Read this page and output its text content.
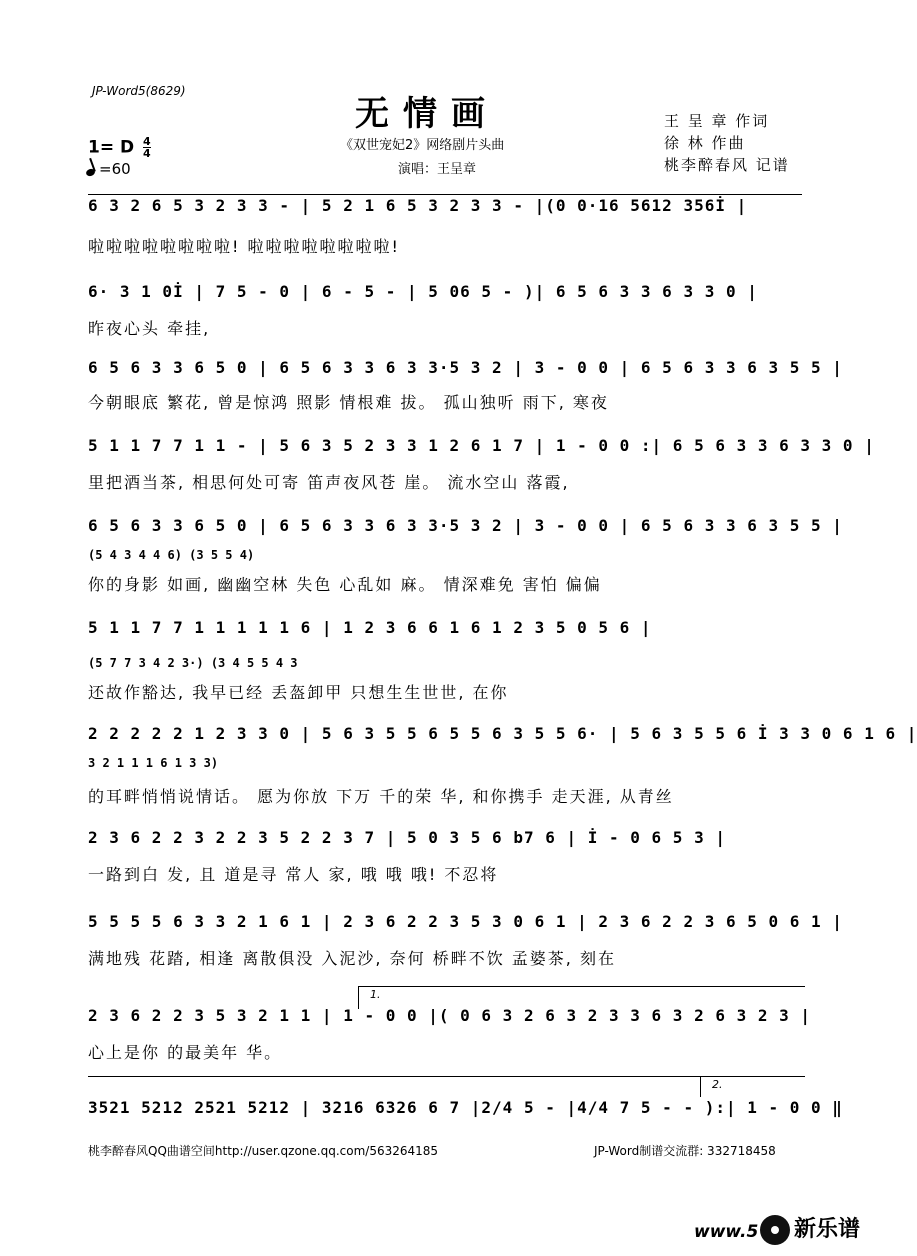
JP-Word5(8629)
无情画
《双世宠妃2》网络剧片头曲
演唱：王呈章
王 呈 章 作词
徐 林 作曲
桃李醉春风 记谱
1= D $\frac{4}{4}$
=60
6 3 2 6 5 3 2 3 3 - | 5 2 1 6 5 3 2 3 3 - |(0 0·16 5612 356İ |
啦啦啦啦啦啦啦啦! 啦啦啦啦啦啦啦啦!
6· 3 1 0İ | 7 5 - 0 | 6 - 5 - | 5 06 5 - )| 6 5 6 3 3 6 3 3 0 |
昨夜心头 牵挂,
6 5 6 3 3 6 5 0 | 6 5 6 3 3 6 3 3·5 3 2 | 3 - 0 0 | 6 5 6 3 3 6 3 5 5 |
今朝眼底 繁花, 曾是惊鸿 照影 情根难 拔。 孤山独听 雨下, 寒夜
5 1 1 7 7 1 1 - | 5 6 3 5 2 3 3 1 2 6 1 7 | 1 - 0 0 :| 6 5 6 3 3 6 3 3 0 |
里把酒当茶, 相思何处可寄 笛声夜风苍 崖。 流水空山 落霞,
6 5 6 3 3 6 5 0 | 6 5 6 3 3 6 3 3·5 3 2 | 3 - 0 0 | 6 5 6 3 3 6 3 5 5 |
(5 4 3 4 4 6) (3 5 5 4)
你的身影 如画, 幽幽空林 失色 心乱如 麻。 情深难免 害怕 偏偏
5 1 1 7 7 1 1 1 1 1 6 | 1 2 3 6 6 1 6 1 2 3 5 0 5 6 |
(5 7 7 3 4 2 3·) (3 4 5 5 4 3
还故作豁达, 我早已经 丢盔卸甲 只想生生世世, 在你
2 2 2 2 2 1 2 3 3 0 | 5 6 3 5 5 6 5 5 6 3 5 5 6· | 5 6 3 5 5 6 İ 3 3 0 6 1 6 |
3 2 1 1 1 6 1 3 3)
的耳畔悄悄说情话。 愿为你放 下万 千的荣 华, 和你携手 走天涯, 从青丝
2 3 6 2 2 3 2 2 3 5 2 2 3 7 | 5 0 3 5 6 b7 6 | İ - 0 6 5 3 |
一路到白 发, 且 道是寻 常人 家, 哦 哦 哦! 不忍将
5 5 5 5 6 3 3 2 1 6 1 | 2 3 6 2 2 3 5 3 0 6 1 | 2 3 6 2 2 3 6 5 0 6 1 |
满地残 花踏, 相逢 离散俱没 入泥沙, 奈何 桥畔不饮 孟婆茶, 刻在
1.
2 3 6 2 2 3 5 3 2 1 1 | 1 - 0 0 |( 0 6 3 2 6 3 2 3 3 6 3 2 6 3 2 3 |
心上是你 的最美年 华。
2.
3521 5212 2521 5212 | 3216 6326 6 7 |2/4 5 - |4/4 7 5 - - ):| 1 - 0 0 ‖
桃李醉春风QQ曲谱空间http://user.qzone.qq.com/563264185	JP-Word制谱交流群: 332718458
www.5	新乐谱
